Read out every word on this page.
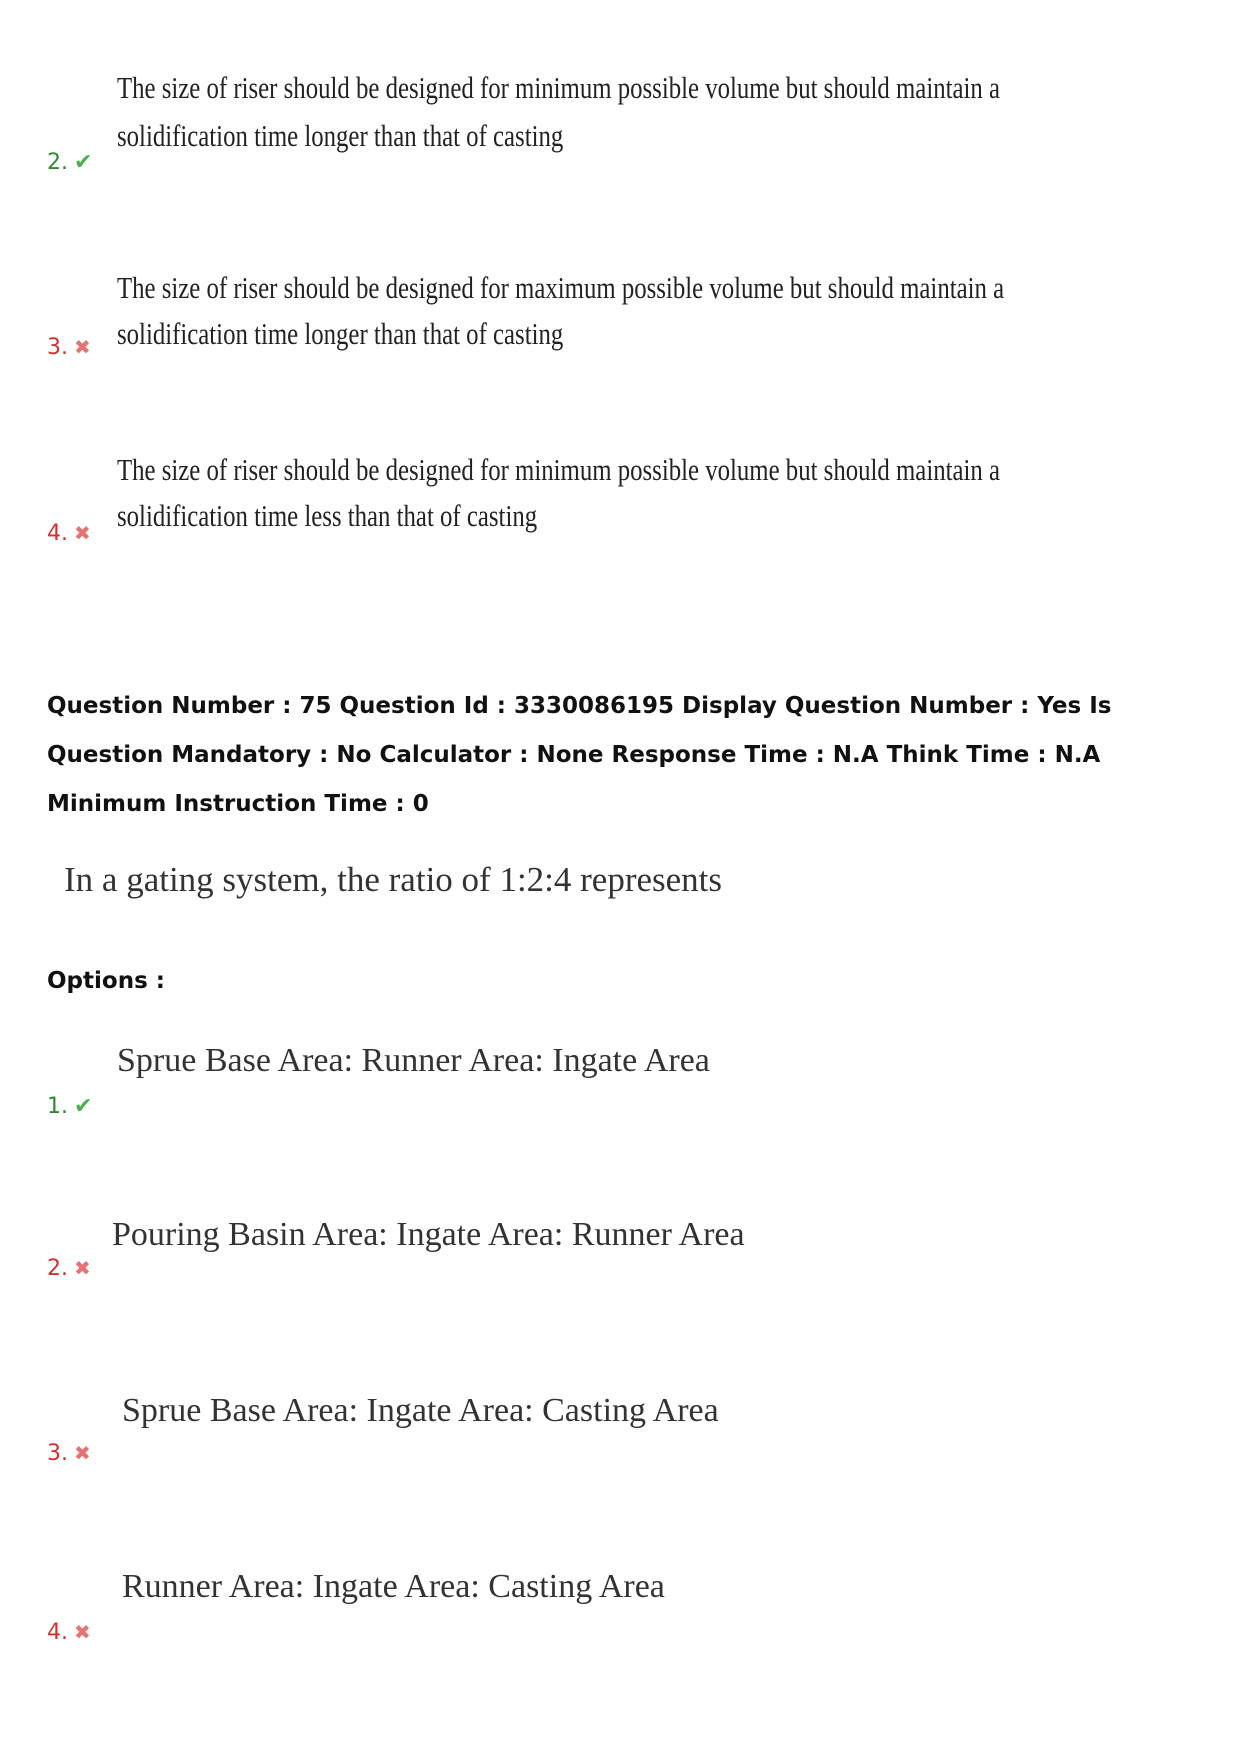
The size of riser should be designed for minimum possible volume but should maintain a
solidification time longer than that of casting
2. ✔
The size of riser should be designed for maximum possible volume but should maintain a
solidification time longer than that of casting
3. ✖
The size of riser should be designed for minimum possible volume but should maintain a
solidification time less than that of casting
4. ✖
Question Number : 75 Question Id : 3330086195 Display Question Number : Yes Is Question Mandatory : No Calculator : None Response Time : N.A Think Time : N.A Minimum Instruction Time : 0
In a gating system, the ratio of 1:2:4 represents
Options :
Sprue Base Area: Runner Area: Ingate Area
1. ✔
Pouring Basin Area: Ingate Area: Runner Area
2. ✖
Sprue Base Area: Ingate Area: Casting Area
3. ✖
Runner Area: Ingate Area: Casting Area
4. ✖
